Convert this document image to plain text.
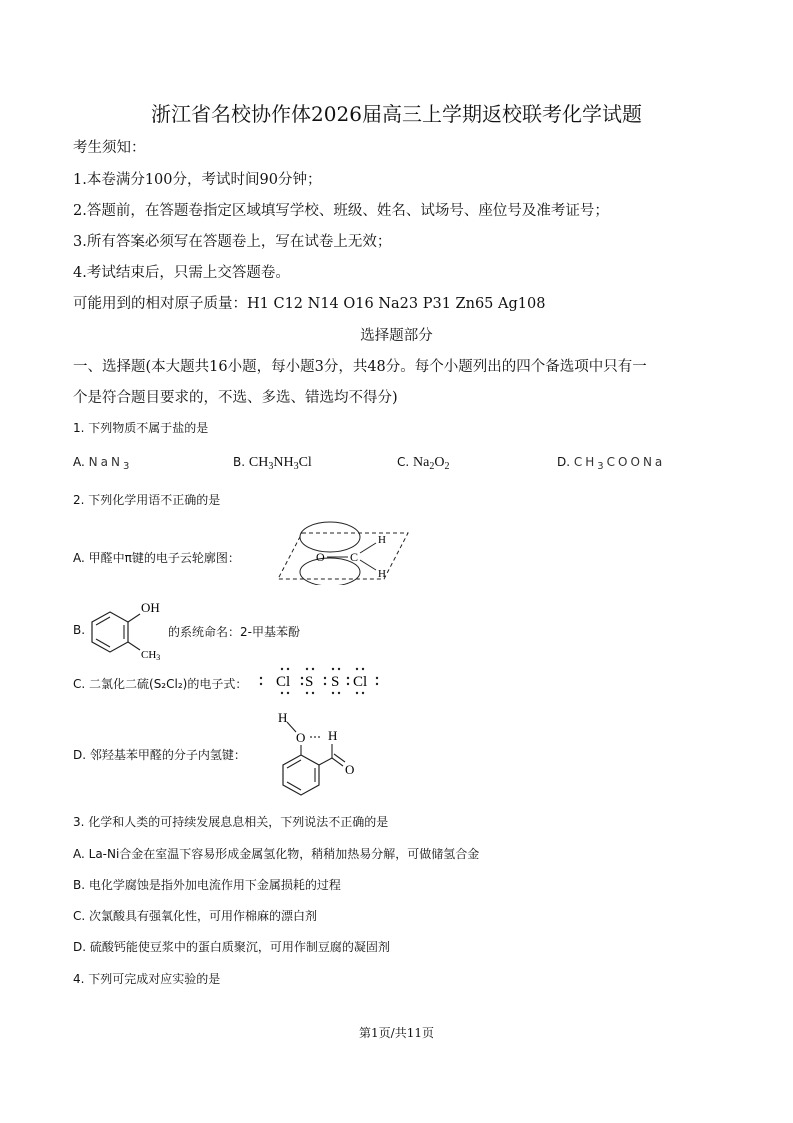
浙江省名校协作体2026届高三上学期返校联考化学试题
考生须知：
1.本卷满分100分，考试时间90分钟；
2.答题前，在答题卷指定区域填写学校、班级、姓名、试场号、座位号及准考证号；
3.所有答案必须写在答题卷上，写在试卷上无效；
4.考试结束后，只需上交答题卷。
可能用到的相对原子质量：H1 C12 N14 O16 Na23 P31 Zn65 Ag108
选择题部分
一、选择题(本大题共16小题，每小题3分，共48分。每个小题列出的四个备选项中只有一
个是符合题目要求的，不选、多选、错选均不得分)
1. 下列物质不属于盐的是
A. NaN$_3$	B. $CH_3NH_3Cl$	C. $Na_2O_2$	D. $CH_3COONa$
2. 下列化学用语不正确的是
A. 甲醛中π键的电子云轮廓图：	O C
H
H
B.
OH
CH3
的系统命名：2-甲基苯酚
C. 二氯化二硫(S₂Cl₂)的电子式： Cl S S Cl
D. 邻羟基苯甲醛的分子内氢键：
H
O H
O
3. 化学和人类的可持续发展息息相关，下列说法不正确的是
A. La-Ni合金在室温下容易形成金属氢化物，稍稍加热易分解，可做储氢合金
B. 电化学腐蚀是指外加电流作用下金属损耗的过程
C. 次氯酸具有强氧化性，可用作棉麻的漂白剂
D. 硫酸钙能使豆浆中的蛋白质聚沉，可用作制豆腐的凝固剂
4. 下列可完成对应实验的是
第1页/共11页
